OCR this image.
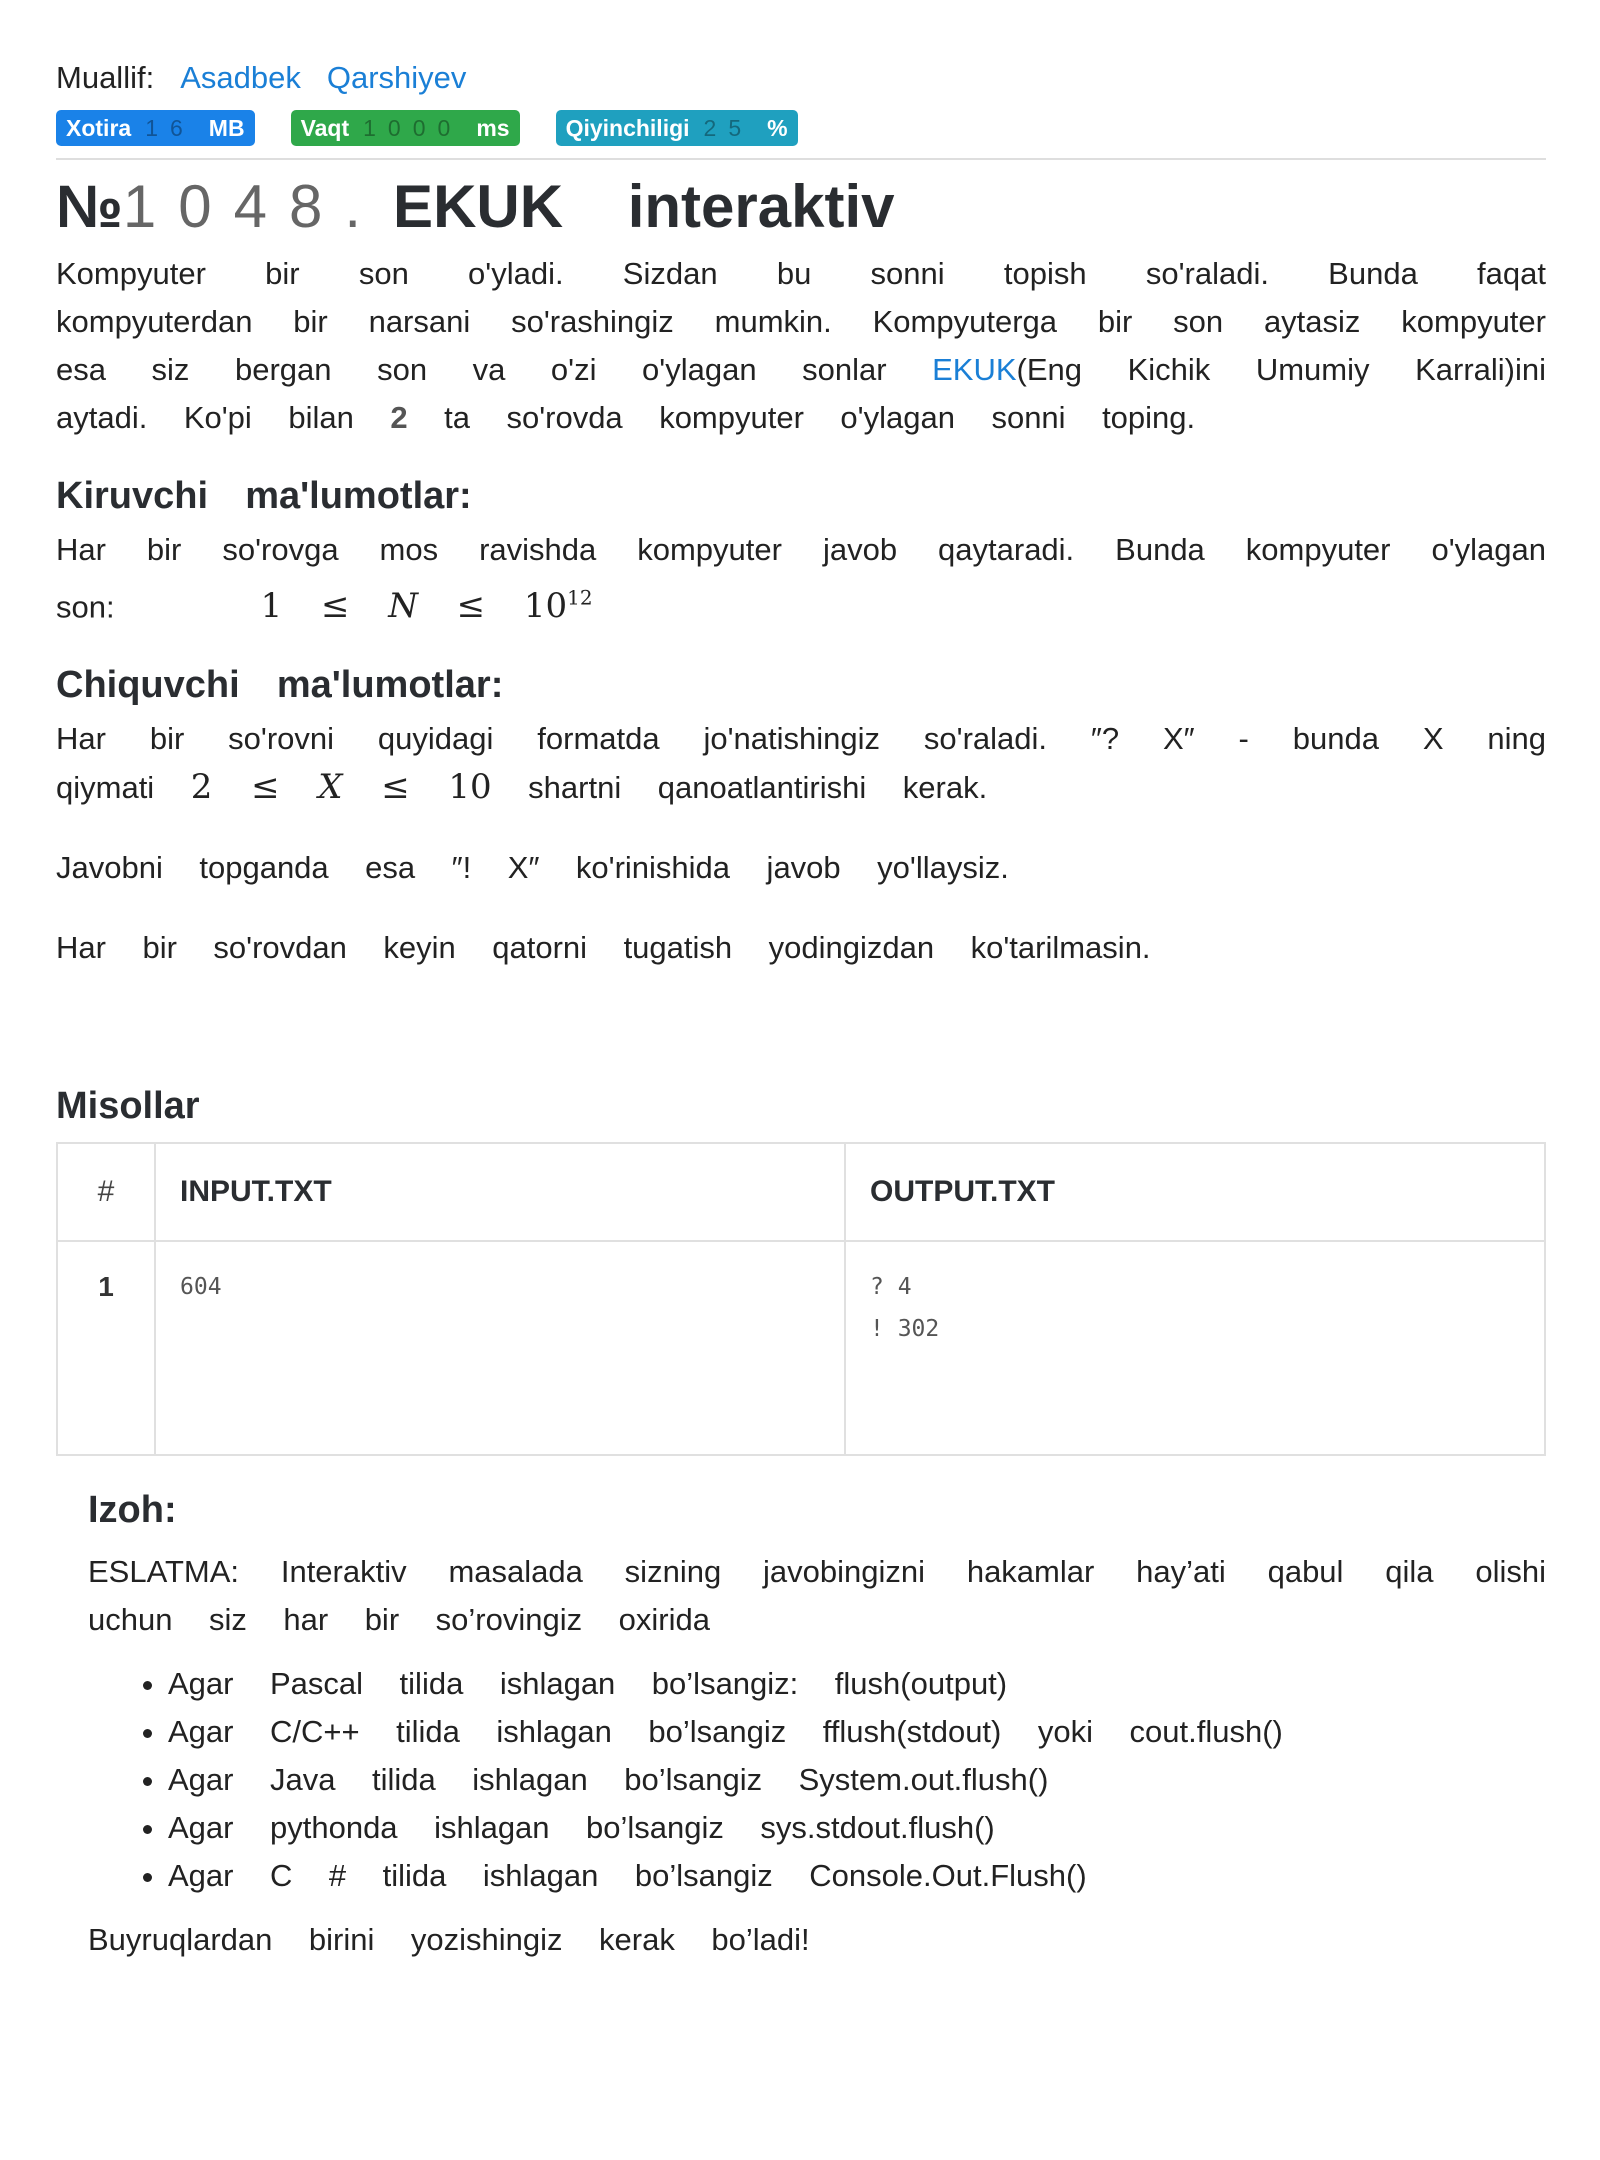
Muallif: Asadbek Qarshiyev
Xotira 16 MB Vaqt 1000 ms Qiyinchiligi 25 %
№1048. EKUK interaktiv
Kompyuter bir son o'yladi. Sizdan bu sonni topish so'raladi. Bunda faqat kompyuterdan bir narsani so'rashingiz mumkin. Kompyuterga bir son aytasiz kompyuter esa siz bergan son va o'zi o'ylagan sonlar EKUK(Eng Kichik Umumiy Karrali)ini aytadi. Ko'pi bilan 2 ta so'rovda kompyuter o'ylagan sonni toping.
Kiruvchi ma'lumotlar:
Har bir so'rovga mos ravishda kompyuter javob qaytaradi. Bunda kompyuter o'ylagan son:	$1 \le N \le 10^{12}$
Chiquvchi ma'lumotlar:
Har bir so'rovni quyidagi formatda jo'natishingiz so'raladi. ″? X″ - bunda X ning qiymati 2 ≤ X ≤ 10 shartni qanoatlantirishi kerak.
Javobni topganda esa ″! X″ ko'rinishida javob yo'llaysiz.
Har bir so'rovdan keyin qatorni tugatish yodingizdan ko'tarilmasin.
Misollar
#	INPUT.TXT	OUTPUT.TXT
1	604	? 4
! 302
Izoh:
ESLATMA: Interaktiv masalada sizning javobingizni hakamlar hay’ati qabul qila olishi uchun siz har bir so’rovingiz oxirida
• Agar Pascal tilida ishlagan bo’lsangiz: flush(output)
• Agar C/C++ tilida ishlagan bo’lsangiz fflush(stdout) yoki cout.flush()
• Agar Java tilida ishlagan bo’lsangiz System.out.flush()
• Agar pythonda ishlagan bo’lsangiz sys.stdout.flush()
• Agar C # tilida ishlagan bo’lsangiz Console.Out.Flush()
Buyruqlardan birini yozishingiz kerak bo’ladi!
